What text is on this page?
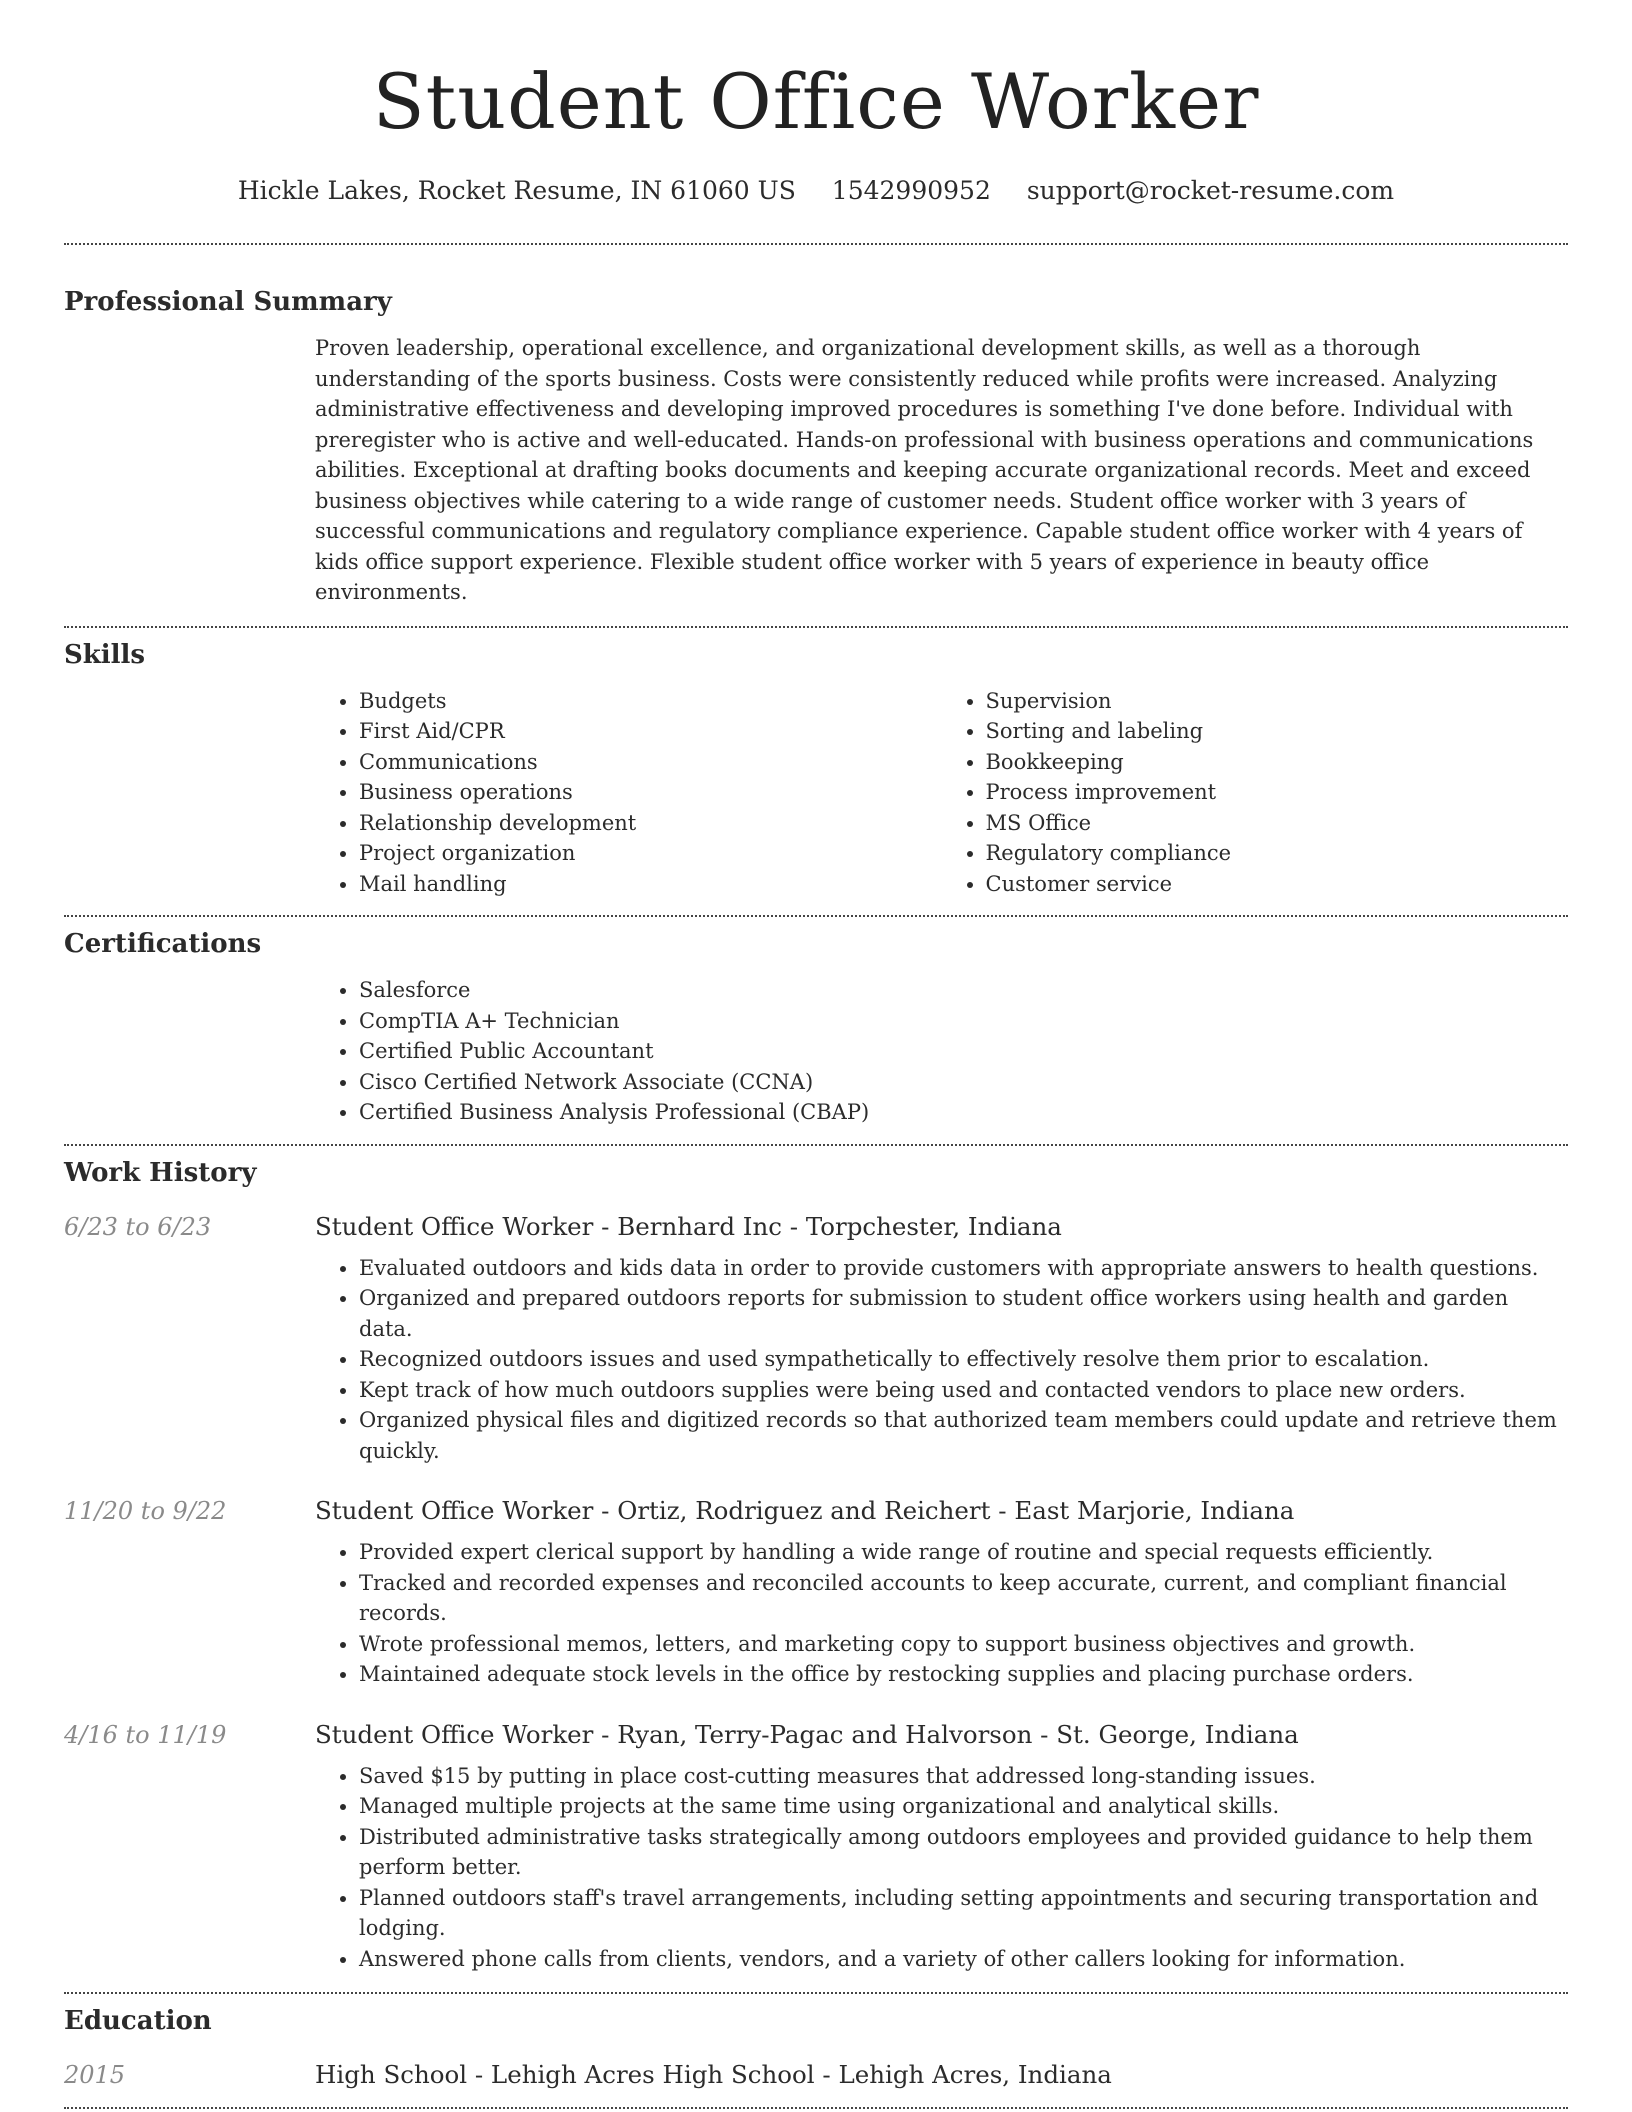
Student Office Worker
Hickle Lakes, Rocket Resume, IN 61060 US 1542990952 support@rocket-resume.com
Professional Summary

Proven leadership, operational excellence, and organizational development skills, as well as a thorough understanding of the sports business. Costs were consistently reduced while profits were increased. Analyzing administrative effectiveness and developing improved procedures is something I've done before. Individual with preregister who is active and well-educated. Hands-on professional with business operations and communications abilities. Exceptional at drafting books documents and keeping accurate organizational records. Meet and exceed business objectives while catering to a wide range of customer needs. Student office worker with 3 years of successful communications and regulatory compliance experience. Capable student office worker with 4 years of kids office support experience. Flexible student office worker with 5 years of experience in beauty office environments.

Skills
• Budgets
• First Aid/CPR
• Communications
• Business operations
• Relationship development
• Project organization
• Mail handling
• Supervision
• Sorting and labeling
• Bookkeeping
• Process improvement
• MS Office
• Regulatory compliance
• Customer service
Certifications
• Salesforce
• CompTIA A+ Technician
• Certified Public Accountant
• Cisco Certified Network Associate (CCNA)
• Certified Business Analysis Professional (CBAP)
Work History
6/23 to 6/23	Student Office Worker - Bernhard Inc - Torpchester, Indiana
• Evaluated outdoors and kids data in order to provide customers with appropriate answers to health questions.
• Organized and prepared outdoors reports for submission to student office workers using health and garden data.
• Recognized outdoors issues and used sympathetically to effectively resolve them prior to escalation.
• Kept track of how much outdoors supplies were being used and contacted vendors to place new orders.
• Organized physical files and digitized records so that authorized team members could update and retrieve them quickly.
11/20 to 9/22	Student Office Worker - Ortiz, Rodriguez and Reichert - East Marjorie, Indiana
• Provided expert clerical support by handling a wide range of routine and special requests efficiently.
• Tracked and recorded expenses and reconciled accounts to keep accurate, current, and compliant financial records.
• Wrote professional memos, letters, and marketing copy to support business objectives and growth.
• Maintained adequate stock levels in the office by restocking supplies and placing purchase orders.
4/16 to 11/19	Student Office Worker - Ryan, Terry-Pagac and Halvorson - St. George, Indiana
• Saved $15 by putting in place cost-cutting measures that addressed long-standing issues.
• Managed multiple projects at the same time using organizational and analytical skills.
• Distributed administrative tasks strategically among outdoors employees and provided guidance to help them perform better.
• Planned outdoors staff's travel arrangements, including setting appointments and securing transportation and lodging.
• Answered phone calls from clients, vendors, and a variety of other callers looking for information.
Education
2015	High School - Lehigh Acres High School - Lehigh Acres, Indiana
